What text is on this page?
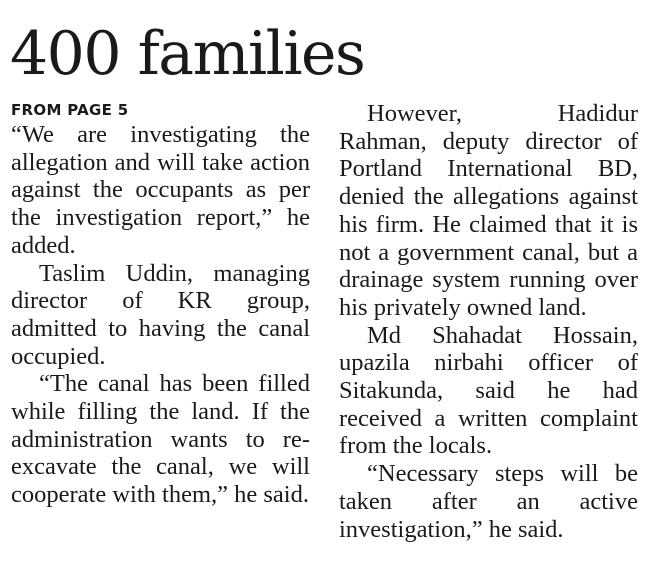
400 families

FROM PAGE 5

“We are investigating the allegation and will take action against the occupants as per the investigation report,” he added.

Taslim Uddin, managing director of KR group, admitted to having the canal occupied.

“The canal has been filled while filling the land. If the administration wants to re-excavate the canal, we will cooperate with them,” he said.

However, Hadidur Rahman, deputy director of Portland International BD, denied the allegations against his firm. He claimed that it is not a government canal, but a drainage system running over his privately owned land.

Md Shahadat Hossain, upazila nirbahi officer of Sitakunda, said he had received a written complaint from the locals.

“Necessary steps will be taken after an active investigation,” he said.
